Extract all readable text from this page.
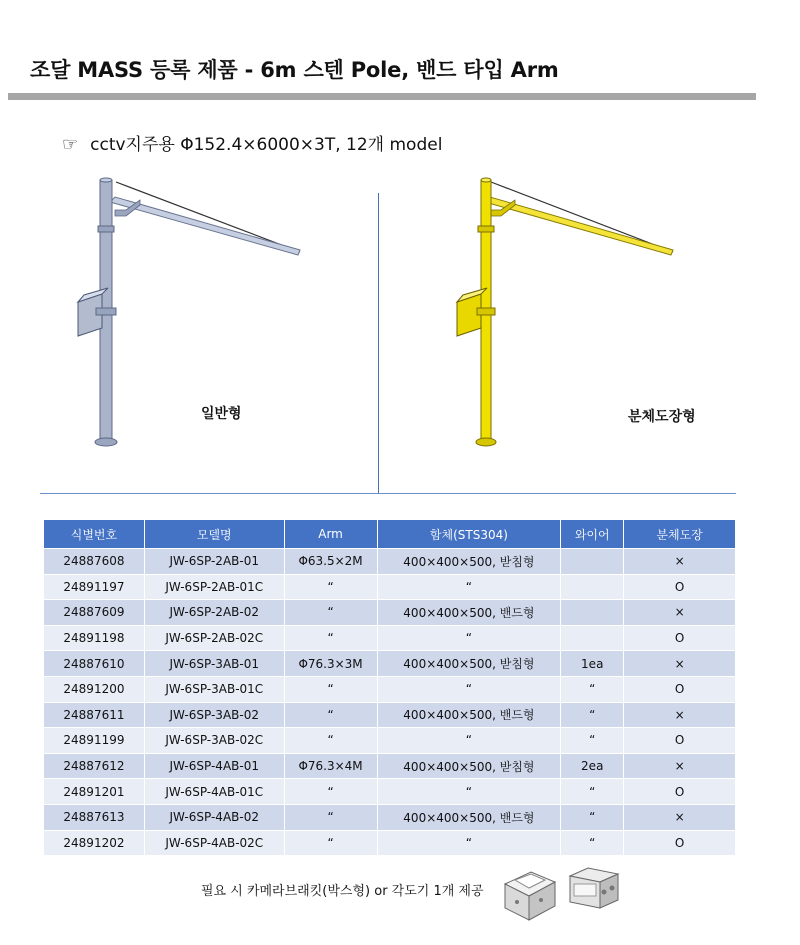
조달 MASS 등록 제품 - 6m 스텐 Pole, 밴드 타입 Arm
☞ cctv지주용 Φ152.4×6000×3T, 12개 model
일반형	분체도장형
식별번호	모델명	Arm	함체(STS304)	와이어	분체도장
24887608	JW-6SP-2AB-01	Φ63.5×2M	400×400×500, 받침형		×
24891197	JW-6SP-2AB-01C	“	“		O
24887609	JW-6SP-2AB-02	“	400×400×500, 밴드형		×
24891198	JW-6SP-2AB-02C	“	“		O
24887610	JW-6SP-3AB-01	Φ76.3×3M	400×400×500, 받침형	1ea	×
24891200	JW-6SP-3AB-01C	“	“	“	O
24887611	JW-6SP-3AB-02	“	400×400×500, 밴드형	“	×
24891199	JW-6SP-3AB-02C	“	“	“	O
24887612	JW-6SP-4AB-01	Φ76.3×4M	400×400×500, 받침형	2ea	×
24891201	JW-6SP-4AB-01C	“	“	“	O
24887613	JW-6SP-4AB-02	“	400×400×500, 밴드형	“	×
24891202	JW-6SP-4AB-02C	“	“	“	O
필요 시 카메라브래킷(박스형) or 각도기 1개 제공
